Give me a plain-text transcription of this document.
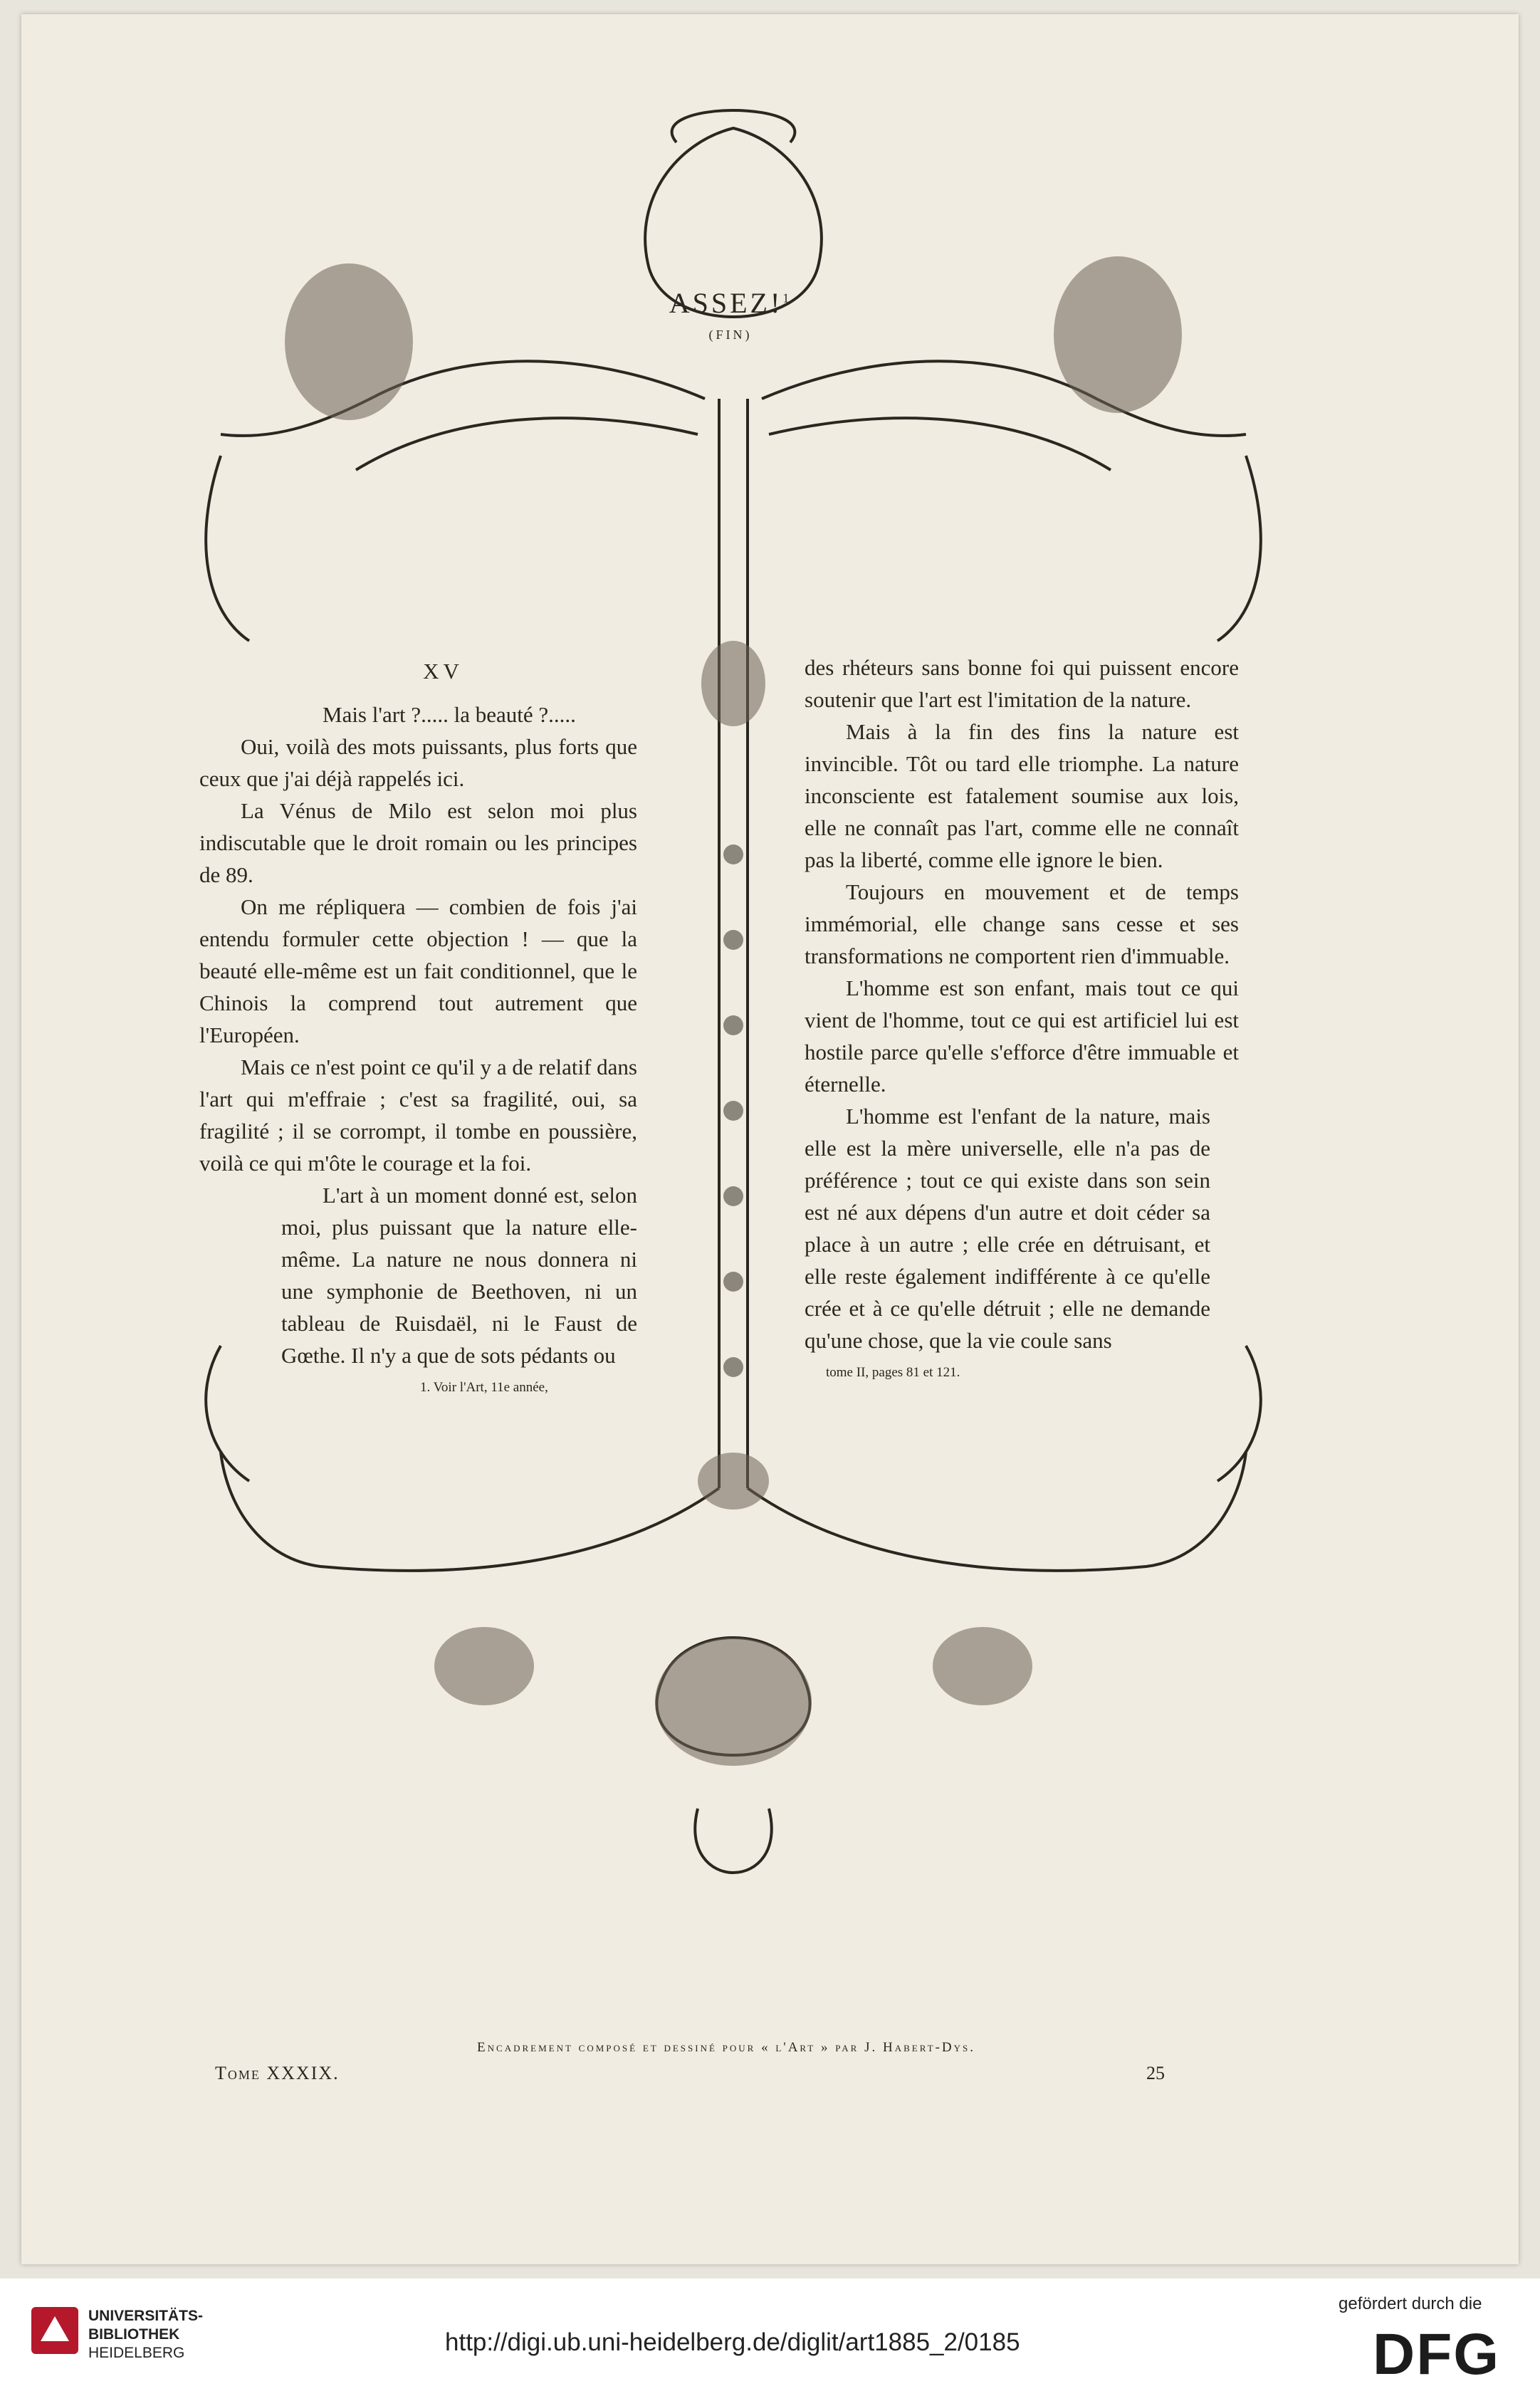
ASSEZ!$^1$
(FIN)

XV

Mais l'art ?..... la beauté ?.....

Oui, voilà des mots puissants, plus forts que ceux que j'ai déjà rappelés ici.

La Vénus de Milo est selon moi plus indiscutable que le droit romain ou les principes de 89.

On me répliquera — combien de fois j'ai entendu formuler cette objection ! — que la beauté elle-même est un fait conditionnel, que le Chinois la comprend tout autrement que l'Européen.

Mais ce n'est point ce qu'il y a de relatif dans l'art qui m'effraie ; c'est sa fragilité, oui, sa fragilité ; il se corrompt, il tombe en poussière, voilà ce qui m'ôte le courage et la foi.

L'art à un moment donné est, selon moi, plus puissant que la nature elle-même. La nature ne nous donnera ni une symphonie de Beethoven, ni un tableau de Ruisdaël, ni le Faust de Gœthe. Il n'y a que de sots pédants ou

1. Voir l'Art, 11e année,

des rhéteurs sans bonne foi qui puissent encore soutenir que l'art est l'imitation de la nature.

Mais à la fin des fins la nature est invincible. Tôt ou tard elle triomphe. La nature inconsciente est fatalement soumise aux lois, elle ne connaît pas l'art, comme elle ne connaît pas la liberté, comme elle ignore le bien.

Toujours en mouvement et de temps immémorial, elle change sans cesse et ses transformations ne comportent rien d'immuable.

L'homme est son enfant, mais tout ce qui vient de l'homme, tout ce qui est artificiel lui est hostile parce qu'elle s'efforce d'être immuable et éternelle.

L'homme est l'enfant de la nature, mais elle est la mère universelle, elle n'a pas de préférence ; tout ce qui existe dans son sein est né aux dépens d'un autre et doit céder sa place à un autre ; elle crée en détruisant, et elle reste également indifférente à ce qu'elle crée et à ce qu'elle détruit ; elle ne demande qu'une chose, que la vie coule sans

tome II, pages 81 et 121.

Encadrement composé et dessiné pour « l'Art » par J. Habert-Dys.
Tome XXXIX.	25
UNIVERSITÄTS-
BIBLIOTHEK
HEIDELBERG	http://digi.ub.uni-heidelberg.de/diglit/art1885_2/0185
gefördert durch die
DFG
